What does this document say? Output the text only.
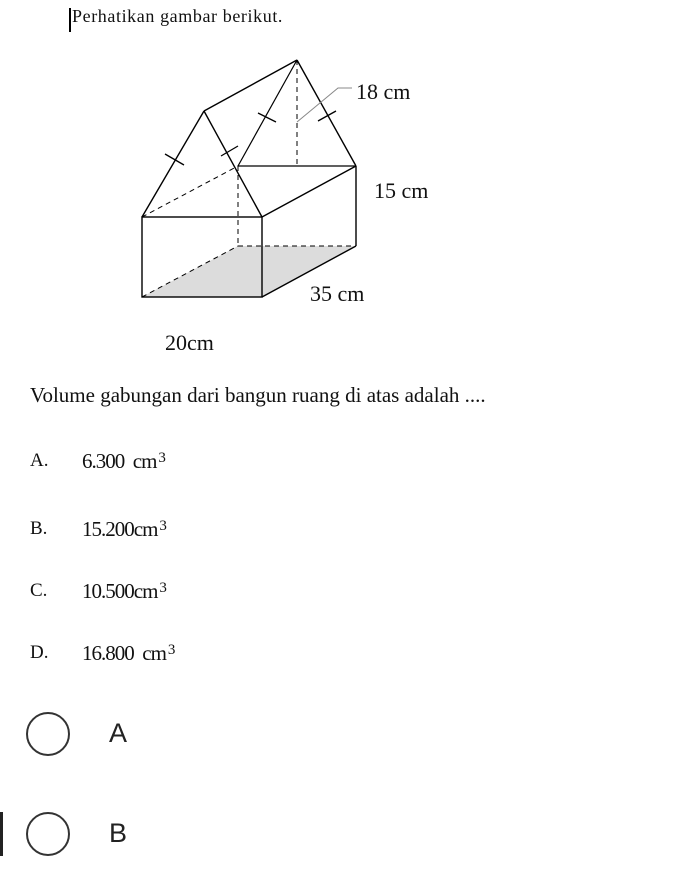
Perhatikan gambar berikut.

18 cm

15 cm

35 cm

20cm

Volume gabungan dari bangun ruang di atas adalah ....

A. 6.300 cm $^3$
B. 15.200cm $^3$
C. 10.500cm $^3$
D. 16.800 cm $^3$
A
B
